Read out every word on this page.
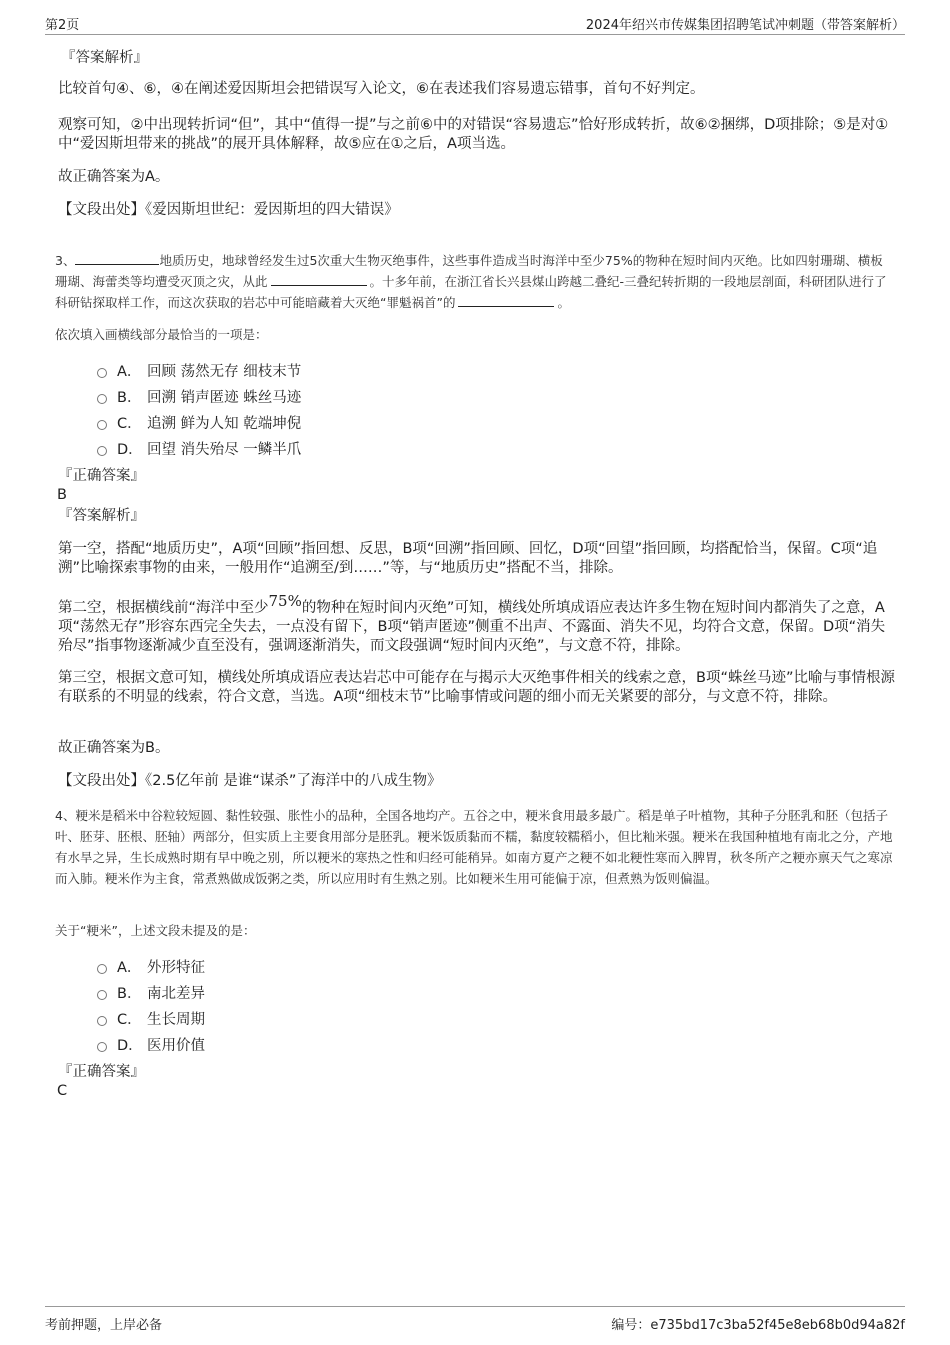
第2页	2024年绍兴市传媒集团招聘笔试冲刺题（带答案解析）
『答案解析』
比较首句④、⑥，④在阐述爱因斯坦会把错误写入论文，⑥在表述我们容易遗忘错事，首句不好判定。
观察可知，②中出现转折词“但”，其中“值得一提”与之前⑥中的对错误“容易遗忘”恰好形成转折，故⑥②捆绑，D项排除；⑤是对①中“爱因斯坦带来的挑战”的展开具体解释，故⑤应在①之后，A项当选。
故正确答案为A。
【文段出处】《爱因斯坦世纪：爱因斯坦的四大错误》
3、	地质历史，地球曾经发生过5次重大生物灭绝事件，这些事件造成当时海洋中至少75%的物种在短时间内灭绝。比如四射珊瑚、横板珊瑚、海蕾类等均遭受灭顶之灾，从此	。十多年前，在浙江省长兴县煤山跨越二叠纪-三叠纪转折期的一段地层剖面，科研团队进行了科研钻探取样工作，而这次获取的岩芯中可能暗藏着大灭绝“罪魁祸首”的	。
依次填入画横线部分最恰当的一项是：
A． 回顾 荡然无存 细枝末节
B． 回溯 销声匿迹 蛛丝马迹
C． 追溯 鲜为人知 乾端坤倪
D． 回望 消失殆尽 一鳞半爪
『正确答案』
B
『答案解析』
第一空，搭配“地质历史”，A项“回顾”指回想、反思，B项“回溯”指回顾、回忆，D项“回望”指回顾，均搭配恰当，保留。C项“追溯”比喻探索事物的由来，一般用作“追溯至/到……”等，与“地质历史”搭配不当，排除。
第二空，根据横线前“海洋中至少75%的物种在短时间内灭绝”可知，横线处所填成语应表达许多生物在短时间内都消失了之意，A项“荡然无存”形容东西完全失去，一点没有留下，B项“销声匿迹”侧重不出声、不露面、消失不见，均符合文意，保留。D项“消失殆尽”指事物逐渐减少直至没有，强调逐渐消失，而文段强调“短时间内灭绝”，与文意不符，排除。
第三空，根据文意可知，横线处所填成语应表达岩芯中可能存在与揭示大灭绝事件相关的线索之意，B项“蛛丝马迹”比喻与事情根源有联系的不明显的线索，符合文意，当选。A项“细枝末节”比喻事情或问题的细小而无关紧要的部分，与文意不符，排除。
故正确答案为B。
【文段出处】《2.5亿年前 是谁“谋杀”了海洋中的八成生物》
4、粳米是稻米中谷粒较短圆、黏性较强、胀性小的品种，全国各地均产。五谷之中，粳米食用最多最广。稻是单子叶植物，其种子分胚乳和胚（包括子叶、胚芽、胚根、胚轴）两部分，但实质上主要食用部分是胚乳。粳米饭质黏而不糯，黏度较糯稻小，但比籼米强。粳米在我国种植地有南北之分，产地有水旱之异，生长成熟时期有早中晚之别，所以粳米的寒热之性和归经可能稍异。如南方夏产之粳不如北粳性寒而入脾胃，秋冬所产之粳亦禀天气之寒凉而入肺。粳米作为主食，常煮熟做成饭粥之类，所以应用时有生熟之别。比如粳米生用可能偏于凉，但煮熟为饭则偏温。
关于“粳米”，上述文段未提及的是：
A． 外形特征
B． 南北差异
C． 生长周期
D． 医用价值
『正确答案』
C
考前押题，上岸必备	编号：e735bd17c3ba52f45e8eb68b0d94a82f
